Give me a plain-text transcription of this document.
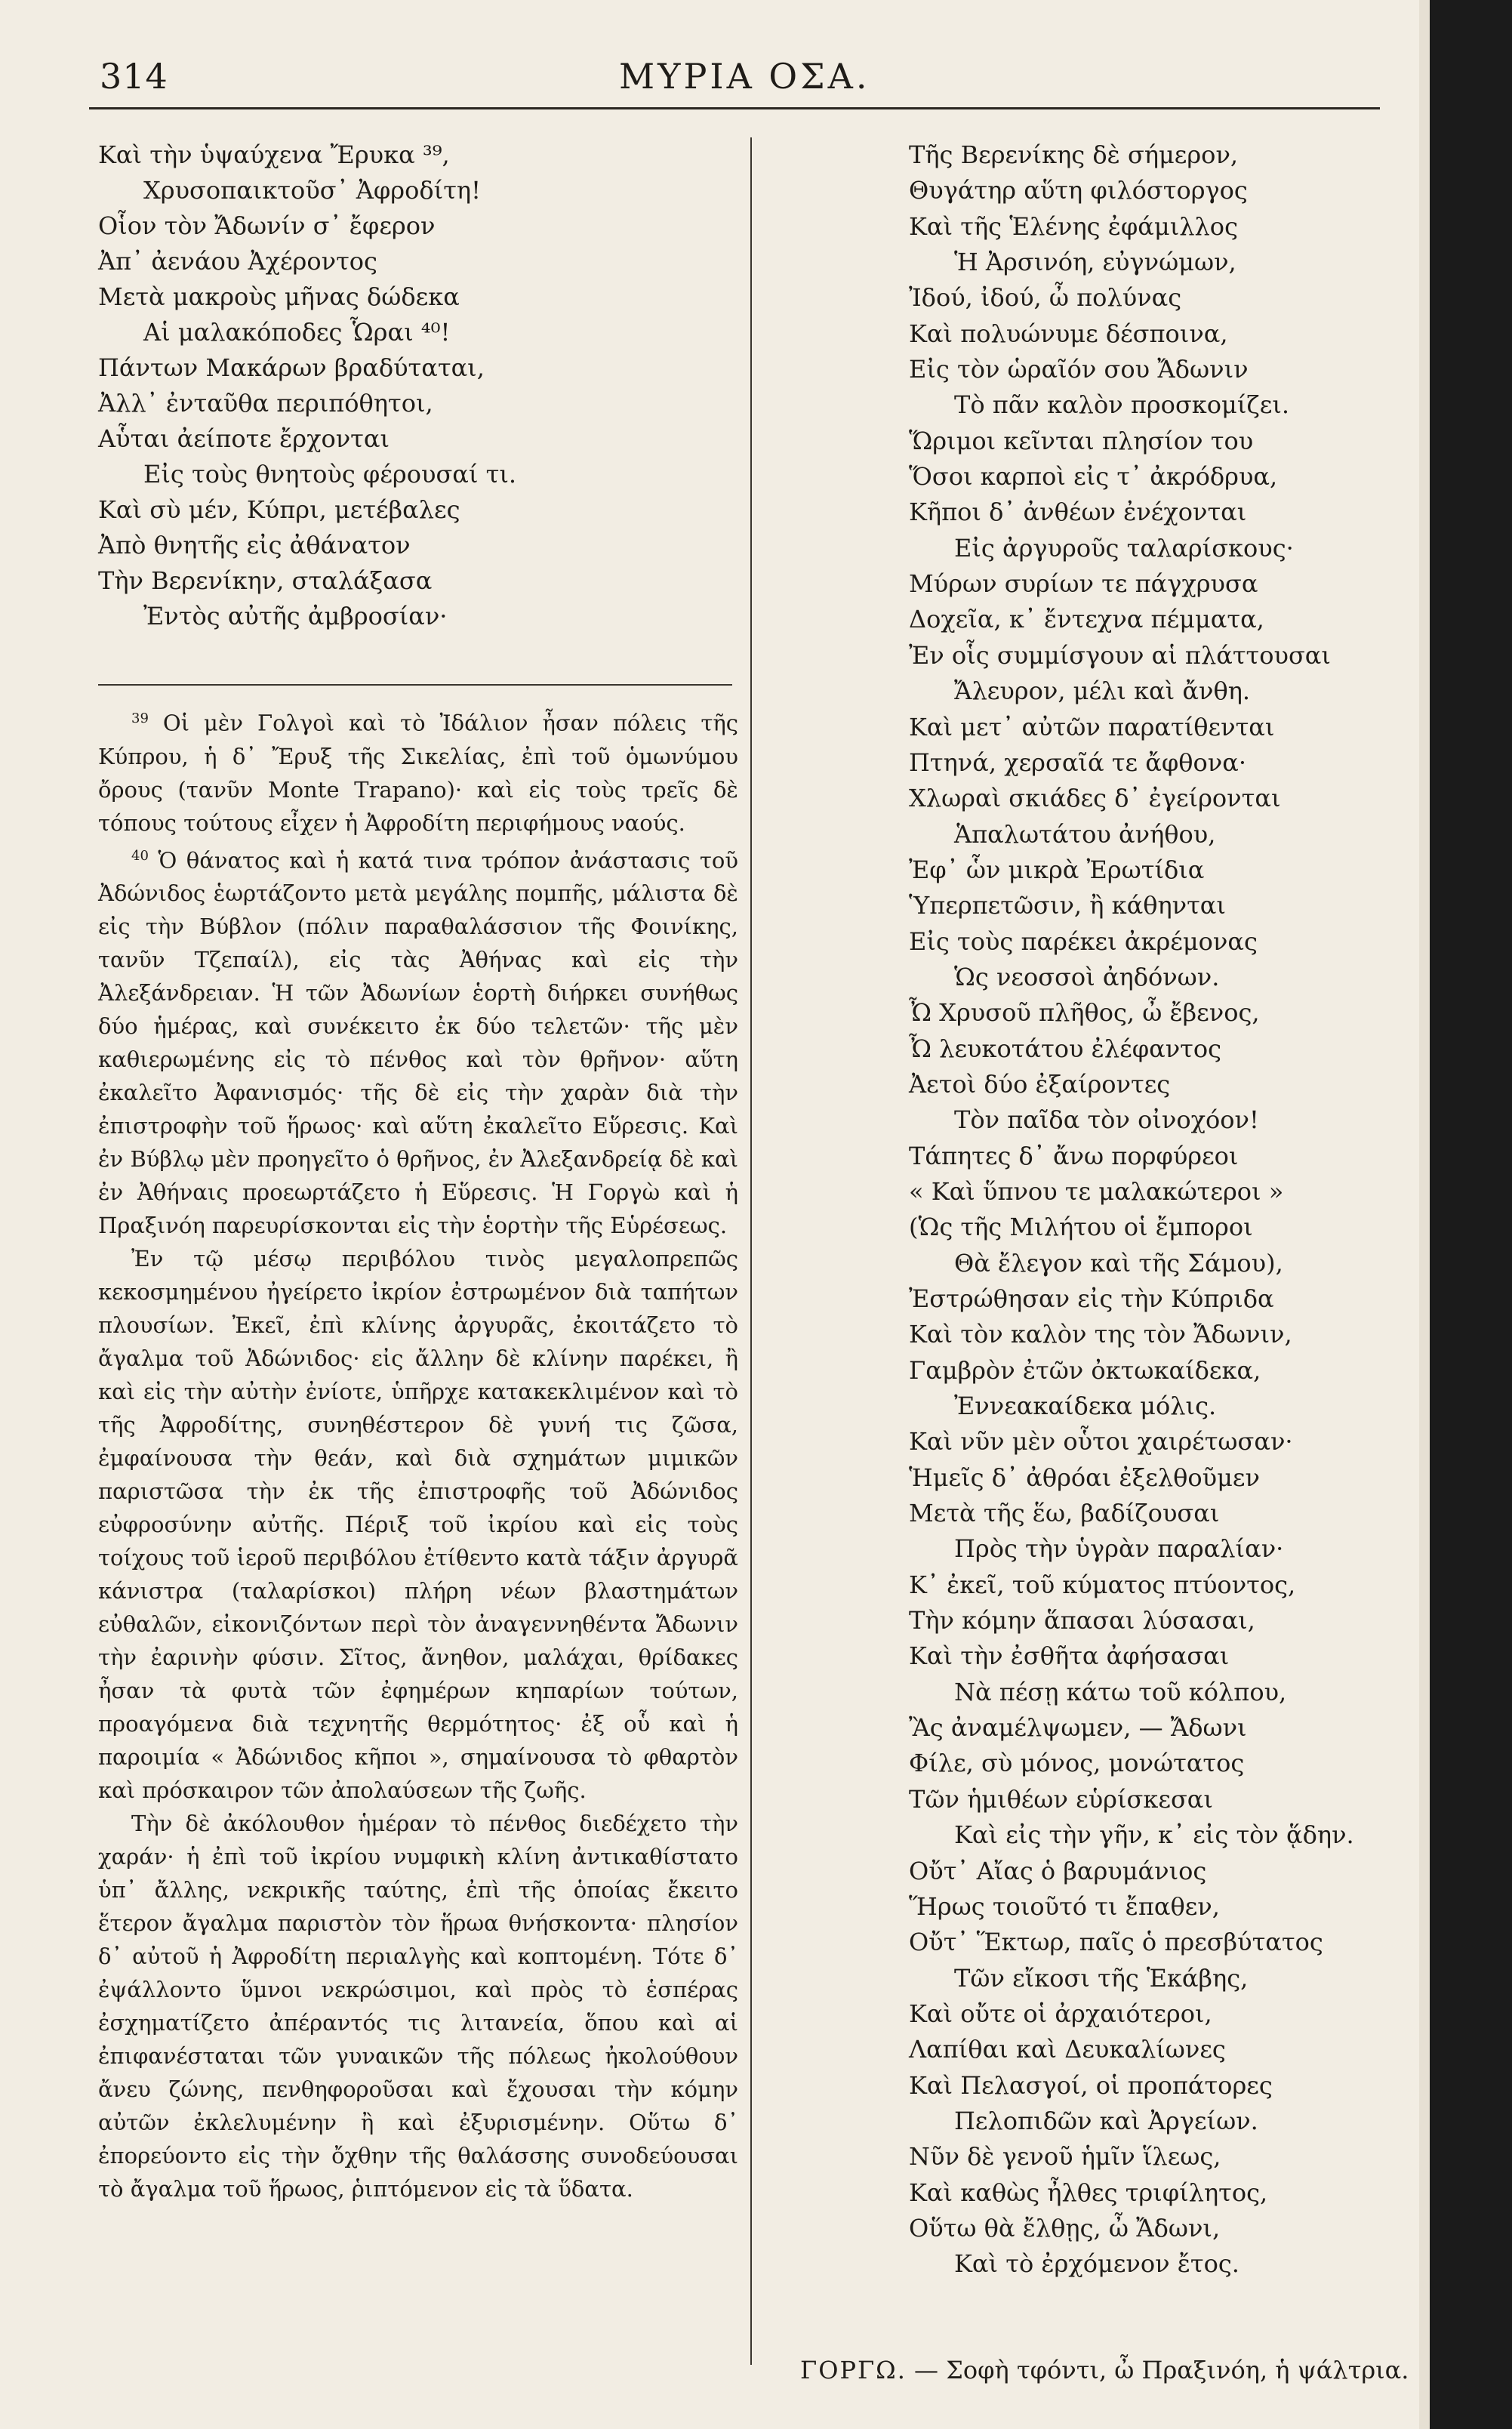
314	ΜΥΡΙΑ ΟΣΑ.
Καὶ τὴν ὑψαύχενα Ἔρυκα ³⁹,
Χρυσοπαικτοῦσ᾽ Ἀφροδίτη!
Οἷον τὸν Ἄδωνίν σ᾽ ἔφερον
Ἀπ᾽ ἀενάου Ἀχέροντος
Μετὰ μακροὺς μῆνας δώδεκα
Αἱ μαλακόποδες Ὧραι ⁴⁰!
Πάντων Μακάρων βραδύταται,
Ἀλλ᾽ ἐνταῦθα περιπόθητοι,
Αὗται ἀείποτε ἔρχονται
Εἰς τοὺς θνητοὺς φέρουσαί τι.
Καὶ σὺ μέν, Κύπρι, μετέβαλες
Ἀπὸ θνητῆς εἰς ἀθάνατον
Τὴν Βερενίκην, σταλάξασα
Ἐντὸς αὐτῆς ἀμβροσίαν·

$^{39}$ Οἱ μὲν Γολγοὶ καὶ τὸ Ἰδάλιον ἦσαν πόλεις τῆς Κύπρου, ἡ δ᾽ Ἔρυξ τῆς Σικελίας, ἐπὶ τοῦ ὁμωνύμου ὄρους (τανῦν Monte Trapano)· καὶ εἰς τοὺς τρεῖς δὲ τόπους τούτους εἶχεν ἡ Ἀφροδίτη περιφήμους ναούς.

$^{40}$ Ὁ θάνατος καὶ ἡ κατά τινα τρόπον ἀνάστασις τοῦ Ἀδώνιδος ἑωρτάζοντο μετὰ μεγάλης πομπῆς, μάλιστα δὲ εἰς τὴν Βύβλον (πόλιν παραθαλάσσιον τῆς Φοινίκης, τανῦν Τζεπαίλ), εἰς τὰς Ἀθήνας καὶ εἰς τὴν Ἀλεξάνδρειαν. Ἡ τῶν Ἀδωνίων ἑορτὴ διήρκει συνήθως δύο ἡμέρας, καὶ συνέκειτο ἐκ δύο τελετῶν· τῆς μὲν καθιερωμένης εἰς τὸ πένθος καὶ τὸν θρῆνον· αὕτη ἐκαλεῖτο Ἀφανισμός· τῆς δὲ εἰς τὴν χαρὰν διὰ τὴν ἐπιστροφὴν τοῦ ἥρωος· καὶ αὕτη ἐκαλεῖτο Εὕρεσις. Καὶ ἐν Βύβλῳ μὲν προηγεῖτο ὁ θρῆνος, ἐν Ἀλεξανδρείᾳ δὲ καὶ ἐν Ἀθήναις προεωρτάζετο ἡ Εὕρεσις. Ἡ Γοργὼ καὶ ἡ Πραξινόη παρευρίσκονται εἰς τὴν ἑορτὴν τῆς Εὑρέσεως.

Ἐν τῷ μέσῳ περιβόλου τινὸς μεγαλοπρεπῶς κεκοσμημένου ἠγείρετο ἰκρίον ἐστρωμένον διὰ ταπήτων πλουσίων. Ἐκεῖ, ἐπὶ κλίνης ἀργυρᾶς, ἐκοιτάζετο τὸ ἄγαλμα τοῦ Ἀδώνιδος· εἰς ἄλλην δὲ κλίνην παρέκει, ἢ καὶ εἰς τὴν αὐτὴν ἐνίοτε, ὑπῆρχε κατακεκλιμένον καὶ τὸ τῆς Ἀφροδίτης, συνηθέστερον δὲ γυνή τις ζῶσα, ἐμφαίνουσα τὴν θεάν, καὶ διὰ σχημάτων μιμικῶν παριστῶσα τὴν ἐκ τῆς ἐπιστροφῆς τοῦ Ἀδώνιδος εὐφροσύνην αὐτῆς. Πέριξ τοῦ ἰκρίου καὶ εἰς τοὺς τοίχους τοῦ ἱεροῦ περιβόλου ἐτίθεντο κατὰ τάξιν ἀργυρᾶ κάνιστρα (ταλαρίσκοι) πλήρη νέων βλαστημάτων εὐθαλῶν, εἰκονιζόντων περὶ τὸν ἀναγεννηθέντα Ἄδωνιν τὴν ἐαρινὴν φύσιν. Σῖτος, ἄνηθον, μαλάχαι, θρίδακες ἦσαν τὰ φυτὰ τῶν ἐφημέρων κηπαρίων τούτων, προαγόμενα διὰ τεχνητῆς θερμότητος· ἐξ οὗ καὶ ἡ παροιμία « Ἀδώνιδος κῆποι », σημαίνουσα τὸ φθαρτὸν καὶ πρόσκαιρον τῶν ἀπολαύσεων τῆς ζωῆς.

Τὴν δὲ ἀκόλουθον ἡμέραν τὸ πένθος διεδέχετο τὴν χαράν· ἡ ἐπὶ τοῦ ἰκρίου νυμφικὴ κλίνη ἀντικαθίστατο ὑπ᾽ ἄλλης, νεκρικῆς ταύτης, ἐπὶ τῆς ὁποίας ἔκειτο ἕτερον ἄγαλμα παριστὸν τὸν ἥρωα θνήσκοντα· πλησίον δ᾽ αὐτοῦ ἡ Ἀφροδίτη περιαλγὴς καὶ κοπτομένη. Τότε δ᾽ ἐψάλλοντο ὕμνοι νεκρώσιμοι, καὶ πρὸς τὸ ἑσπέρας ἐσχηματίζετο ἀπέραντός τις λιτανεία, ὅπου καὶ αἱ ἐπιφανέσταται τῶν γυναικῶν τῆς πόλεως ἠκολούθουν ἄνευ ζώνης, πενθηφοροῦσαι καὶ ἔχουσαι τὴν κόμην αὐτῶν ἐκλελυμένην ἢ καὶ ἐξυρισμένην. Οὕτω δ᾽ ἐπορεύοντο εἰς τὴν ὄχθην τῆς θαλάσσης συνοδεύουσαι τὸ ἄγαλμα τοῦ ἥρωος, ῥιπτόμενον εἰς τὰ ὕδατα.

Τῆς Βερενίκης δὲ σήμερον,
Θυγάτηρ αὕτη φιλόστοργος
Καὶ τῆς Ἑλένης ἐφάμιλλος
Ἡ Ἀρσινόη, εὐγνώμων,
Ἰδού, ἰδού, ὦ πολύνας
Καὶ πολυώνυμε δέσποινα,
Εἰς τὸν ὡραῖόν σου Ἄδωνιν
Τὸ πᾶν καλὸν προσκομίζει.
Ὥριμοι κεῖνται πλησίον του
Ὅσοι καρποὶ εἰς τ᾽ ἀκρόδρυα,
Κῆποι δ᾽ ἀνθέων ἐνέχονται
Εἰς ἀργυροῦς ταλαρίσκους·
Μύρων συρίων τε πάγχρυσα
Δοχεῖα, κ᾽ ἔντεχνα πέμματα,
Ἐν οἷς συμμίσγουν αἱ πλάττουσαι
Ἄλευρον, μέλι καὶ ἄνθη.
Καὶ μετ᾽ αὐτῶν παρατίθενται
Πτηνά, χερσαῖά τε ἄφθονα·
Χλωραὶ σκιάδες δ᾽ ἐγείρονται
Ἁπαλωτάτου ἀνήθου,
Ἐφ᾽ ὧν μικρὰ Ἐρωτίδια
Ὑπερπετῶσιν, ἢ κάθηνται
Εἰς τοὺς παρέκει ἀκρέμονας
Ὡς νεοσσοὶ ἀηδόνων.
Ὦ Χρυσοῦ πλῆθος, ὦ ἔβενος,
Ὦ λευκοτάτου ἐλέφαντος
Ἀετοὶ δύο ἐξαίροντες
Τὸν παῖδα τὸν οἰνοχόον!
Τάπητες δ᾽ ἄνω πορφύρεοι
« Καὶ ὕπνου τε μαλακώτεροι »
(Ὡς τῆς Μιλήτου οἱ ἔμποροι
Θὰ ἔλεγον καὶ τῆς Σάμου),
Ἐστρώθησαν εἰς τὴν Κύπριδα
Καὶ τὸν καλὸν της τὸν Ἄδωνιν,
Γαμβρὸν ἐτῶν ὀκτωκαίδεκα,
Ἐννεακαίδεκα μόλις.
Καὶ νῦν μὲν οὗτοι χαιρέτωσαν·
Ἡμεῖς δ᾽ ἀθρόαι ἐξελθοῦμεν
Μετὰ τῆς ἕω, βαδίζουσαι
Πρὸς τὴν ὑγρὰν παραλίαν·
Κ᾽ ἐκεῖ, τοῦ κύματος πτύοντος,
Τὴν κόμην ἅπασαι λύσασαι,
Καὶ τὴν ἐσθῆτα ἀφήσασαι
Νὰ πέσῃ κάτω τοῦ κόλπου,
Ἂς ἀναμέλψωμεν, — Ἄδωνι
Φίλε, σὺ μόνος, μονώτατος
Τῶν ἡμιθέων εὑρίσκεσαι
Καὶ εἰς τὴν γῆν, κ᾽ εἰς τὸν ᾅδην.
Οὔτ᾽ Αἴας ὁ βαρυμάνιος
Ἥρως τοιοῦτό τι ἔπαθεν,
Οὔτ᾽ Ἕκτωρ, παῖς ὁ πρεσβύτατος
Τῶν εἴκοσι τῆς Ἑκάβης,
Καὶ οὔτε οἱ ἀρχαιότεροι,
Λαπίθαι καὶ Δευκαλίωνες
Καὶ Πελασγοί, οἱ προπάτορες
Πελοπιδῶν καὶ Ἀργείων.
Νῦν δὲ γενοῦ ἡμῖν ἵλεως,
Καὶ καθὼς ἦλθες τριφίλητος,
Οὕτω θὰ ἔλθῃς, ὦ Ἄδωνι,
Καὶ τὸ ἐρχόμενον ἔτος.
ΓΟΡΓΩ. — Σοφὴ τφόντι, ὦ Πραξινόη, ἡ ψάλτρια.
